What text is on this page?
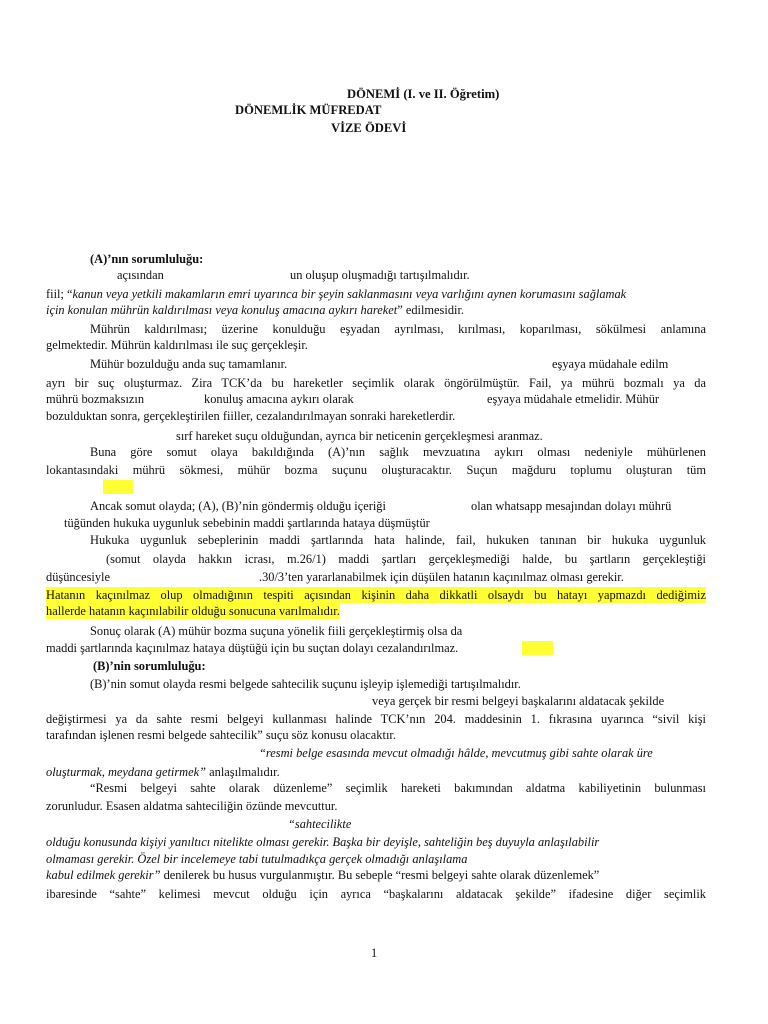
DÖNEMİ (I. ve II. Öğretim)
DÖNEMLİK MÜFREDAT
VİZE ÖDEVİ
(A)’nın sorumluluğu:
açısından	un oluşup oluşmadığı tartışılmalıdır.
fiil; “kanun veya yetkili makamların emri uyarınca bir şeyin saklanmasını veya varlığını aynen korumasını sağlamak
için konulan mührün kaldırılması veya konuluş amacına aykırı hareket” edilmesidir.
Mührün kaldırılması; üzerine konulduğu eşyadan ayrılması, kırılması, koparılması, sökülmesi anlamına
gelmektedir. Mührün kaldırılması ile suç gerçekleşir.
Mühür bozulduğu anda suç tamamlanır.	eşyaya müdahale edilm
ayrı bir suç oluşturmaz. Zira TCK’da bu hareketler seçimlik olarak öngörülmüştür. Fail, ya mührü bozmalı ya da
mührü bozmaksızın	konuluş amacına aykırı olarak	eşyaya müdahale etmelidir. Mühür
bozulduktan sonra, gerçekleştirilen fiiller, cezalandırılmayan sonraki hareketlerdir.
sırf hareket suçu olduğundan, ayrıca bir neticenin gerçekleşmesi aranmaz.
Buna göre somut olaya bakıldığında (A)’nın sağlık mevzuatına aykırı olması nedeniyle mühürlenen
lokantasındaki mührü sökmesi, mühür bozma suçunu oluşturacaktır. Suçun mağduru toplumu oluşturan tüm
Ancak somut olayda; (A), (B)’nin göndermiş olduğu içeriği	olan whatsapp mesajından dolayı mührü
tüğünden hukuka uygunluk sebebinin maddi şartlarında hataya düşmüştür
Hukuka uygunluk sebeplerinin maddi şartlarında hata halinde, fail, hukuken tanınan bir hukuka uygunluk
(somut olayda hakkın icrası, m.26/1) maddi şartları gerçekleşmediği halde, bu şartların gerçekleştiği
düşüncesiyle	.30/3’ten yararlanabilmek için düşülen hatanın kaçınılmaz olması gerekir.
Hatanın kaçınılmaz olup olmadığının tespiti açısından kişinin daha dikkatli olsaydı bu hatayı yapmazdı dediğimiz
hallerde hatanın kaçınılabilir olduğu sonucuna varılmalıdır.
Sonuç olarak (A) mühür bozma suçuna yönelik fiili gerçekleştirmiş olsa da
maddi şartlarında kaçınılmaz hataya düştüğü için bu suçtan dolayı cezalandırılmaz.
(B)’nin sorumluluğu:
(B)’nin somut olayda resmi belgede sahtecilik suçunu işleyip işlemediği tartışılmalıdır.
veya gerçek bir resmi belgeyi başkalarını aldatacak şekilde
değiştirmesi ya da sahte resmi belgeyi kullanması halinde TCK’nın 204. maddesinin 1. fıkrasına uyarınca “sivil kişi
tarafından işlenen resmi belgede sahtecilik” suçu söz konusu olacaktır.
“resmi belge esasında mevcut olmadığı hâlde, mevcutmuş gibi sahte olarak üre
oluşturmak, meydana getirmek” anlaşılmalıdır.
“Resmi belgeyi sahte olarak düzenleme” seçimlik hareketi bakımından aldatma kabiliyetinin bulunması
zorunludur. Esasen aldatma sahteciliğin özünde mevcuttur.
“sahtecilikte
olduğu konusunda kişiyi yanıltıcı nitelikte olması gerekir. Başka bir deyişle, sahteliğin beş duyuyla anlaşılabilir
olmaması gerekir. Özel bir incelemeye tabi tutulmadıkça gerçek olmadığı anlaşılama
kabul edilmek gerekir” denilerek bu husus vurgulanmıştır. Bu sebeple “resmi belgeyi sahte olarak düzenlemek”
ibaresinde “sahte” kelimesi mevcut olduğu için ayrıca “başkalarını aldatacak şekilde” ifadesine diğer seçimlik
1
